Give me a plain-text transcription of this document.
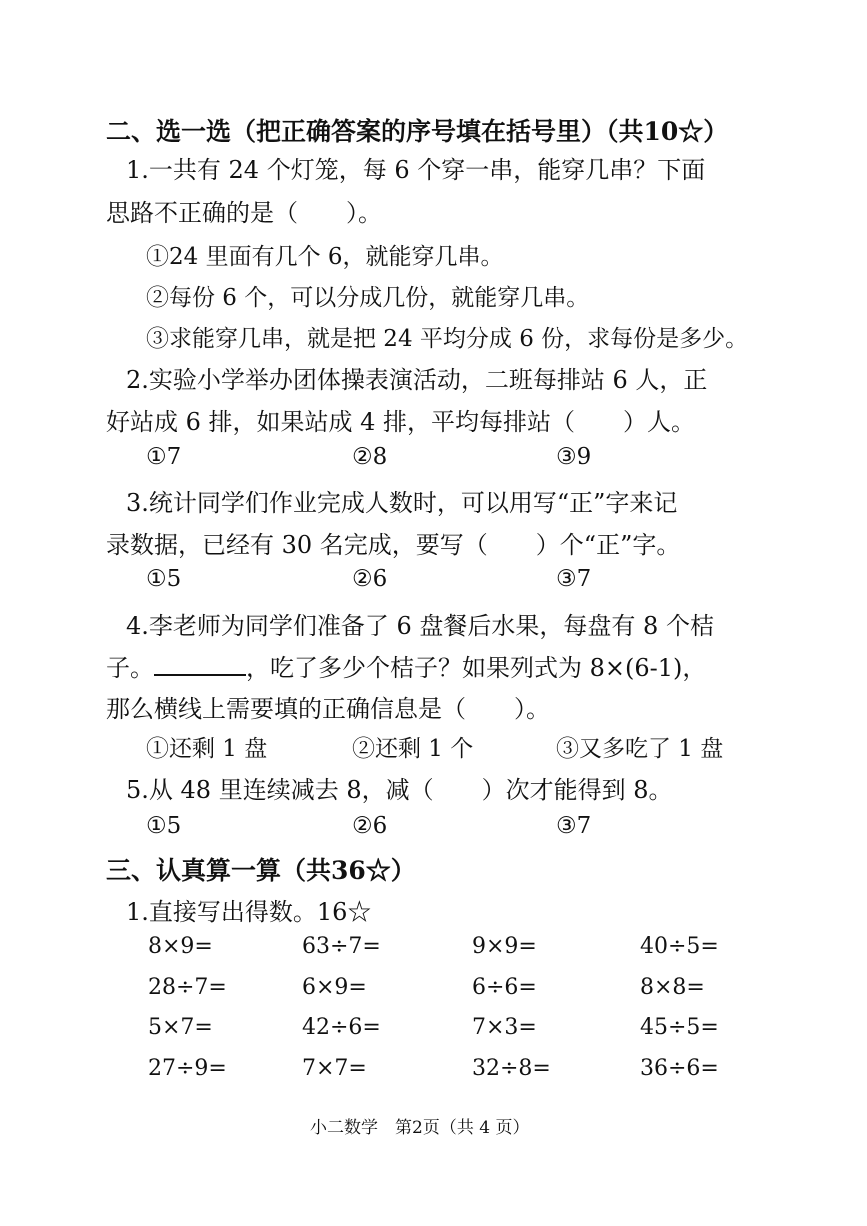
二、选一选（把正确答案的序号填在括号里）（共10☆）
1.一共有 24 个灯笼，每 6 个穿一串，能穿几串？下面
思路不正确的是（　　）。
①24 里面有几个 6，就能穿几串。
②每份 6 个，可以分成几份，就能穿几串。
③求能穿几串，就是把 24 平均分成 6 份，求每份是多少。
2.实验小学举办团体操表演活动，二班每排站 6 人，正
好站成 6 排，如果站成 4 排，平均每排站（　　）人。
①7	②8	③9
3.统计同学们作业完成人数时，可以用写“正”字来记
录数据，已经有 30 名完成，要写（　　）个“正”字。
①5	②6	③7
4.李老师为同学们准备了 6 盘餐后水果，每盘有 8 个桔
子。	，吃了多少个桔子？如果列式为 8×(6-1)，
那么横线上需要填的正确信息是（　　）。
①还剩 1 盘	②还剩 1 个	③又多吃了 1 盘
5.从 48 里连续减去 8，减（　　）次才能得到 8。
①5	②6	③7
三、认真算一算（共36☆）
1.直接写出得数。16☆
8×9=	63÷7=	9×9=	40÷5=
28÷7=	6×9=	6÷6=	8×8=
5×7=	42÷6=	7×3=	45÷5=
27÷9=	7×7=	32÷8=	36÷6=
小二数学　第2页（共 4 页）
